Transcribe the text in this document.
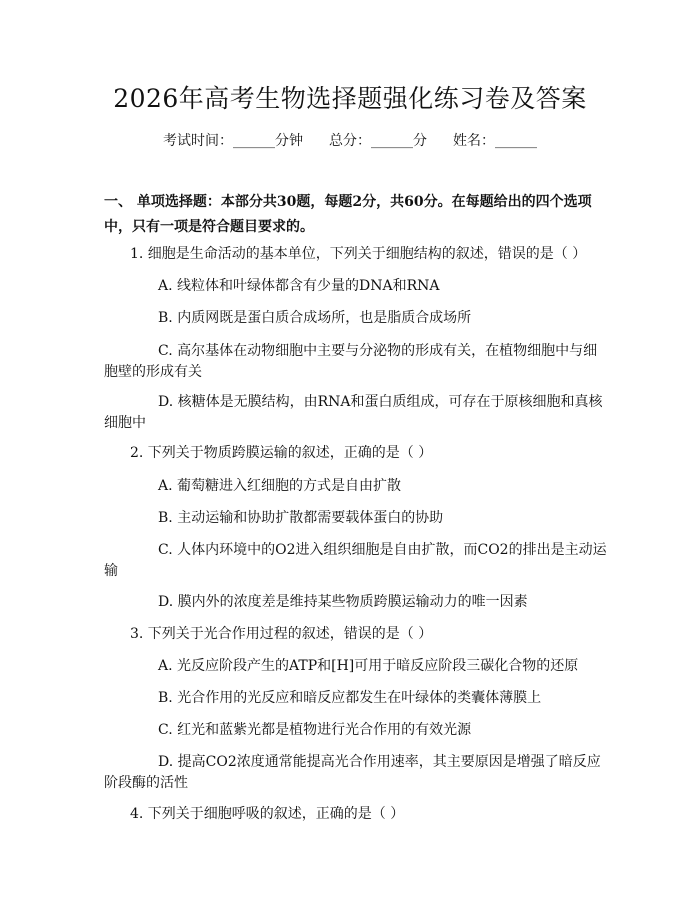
2026年高考生物选择题强化练习卷及答案
考试时间：______分钟 总分：______分 姓名：______
一、 单项选择题：本部分共30题，每题2分，共60分。在每题给出的四个选项
中，只有一项是符合题目要求的。
1. 细胞是生命活动的基本单位，下列关于细胞结构的叙述，错误的是（ ）
A. 线粒体和叶绿体都含有少量的DNA和RNA
B. 内质网既是蛋白质合成场所，也是脂质合成场所
C. 高尔基体在动物细胞中主要与分泌物的形成有关，在植物细胞中与细
胞壁的形成有关
D. 核糖体是无膜结构，由RNA和蛋白质组成，可存在于原核细胞和真核
细胞中
2. 下列关于物质跨膜运输的叙述，正确的是（ ）
A. 葡萄糖进入红细胞的方式是自由扩散
B. 主动运输和协助扩散都需要载体蛋白的协助
C. 人体内环境中的O2进入组织细胞是自由扩散，而CO2的排出是主动运
输
D. 膜内外的浓度差是维持某些物质跨膜运输动力的唯一因素
3. 下列关于光合作用过程的叙述，错误的是（ ）
A. 光反应阶段产生的ATP和[H]可用于暗反应阶段三碳化合物的还原
B. 光合作用的光反应和暗反应都发生在叶绿体的类囊体薄膜上
C. 红光和蓝紫光都是植物进行光合作用的有效光源
D. 提高CO2浓度通常能提高光合作用速率，其主要原因是增强了暗反应
阶段酶的活性
4. 下列关于细胞呼吸的叙述，正确的是（ ）
